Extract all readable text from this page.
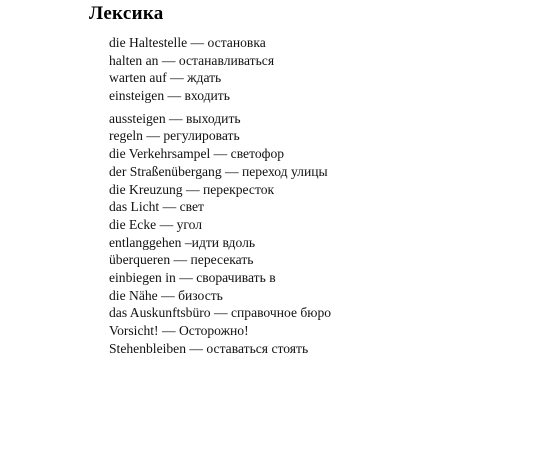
Лексика
die Haltestelle — остановка
halten an — останавливаться
warten auf — ждать
einsteigen — входить
aussteigen — выходить
regeln — регулировать
die Verkehrsampel — светофор
der Straßenübergang — переход улицы
die Kreuzung — перекресток
das Licht — свет
die Ecke — угол
entlanggehen –идти вдоль
überqueren — пересекать
einbiegen in — сворачивать в
die Nähe — бизость
das Auskunftsbüro — справочное бюро
Vorsicht! — Осторожно!
Stehenbleiben — оставаться стоять
